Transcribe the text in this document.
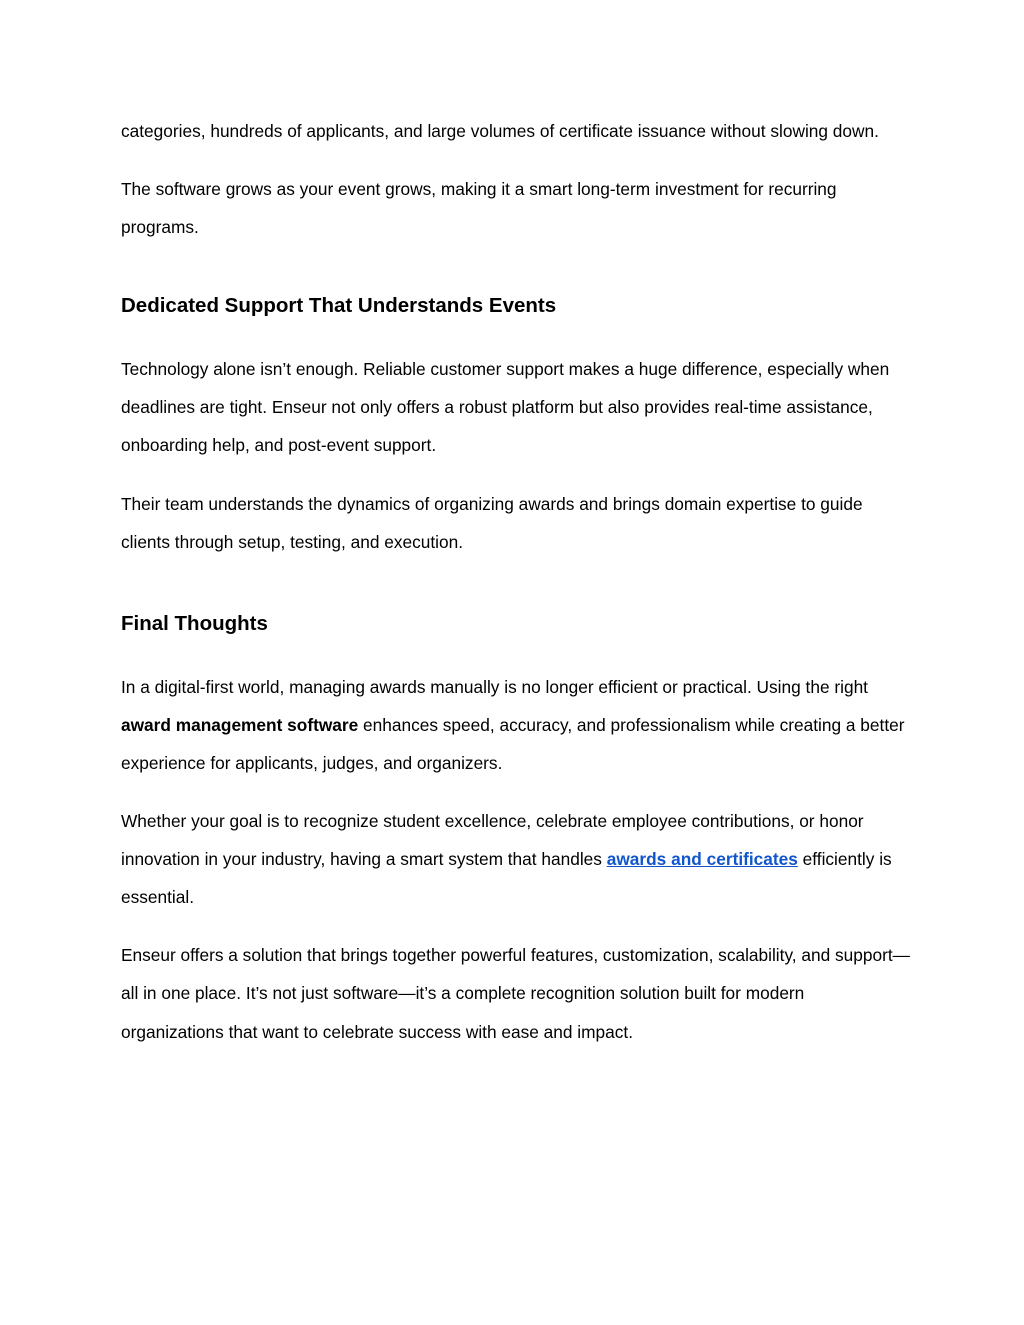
categories, hundreds of applicants, and large volumes of certificate issuance without slowing down.

The software grows as your event grows, making it a smart long-term investment for recurring programs.

Dedicated Support That Understands Events

Technology alone isn’t enough. Reliable customer support makes a huge difference, especially when deadlines are tight. Enseur not only offers a robust platform but also provides real-time assistance, onboarding help, and post-event support.

Their team understands the dynamics of organizing awards and brings domain expertise to guide clients through setup, testing, and execution.

Final Thoughts

In a digital-first world, managing awards manually is no longer efficient or practical. Using the right award management software enhances speed, accuracy, and professionalism while creating a better experience for applicants, judges, and organizers.

Whether your goal is to recognize student excellence, celebrate employee contributions, or honor innovation in your industry, having a smart system that handles awards and certificates efficiently is essential.

Enseur offers a solution that brings together powerful features, customization, scalability, and support—all in one place. It’s not just software—it’s a complete recognition solution built for modern organizations that want to celebrate success with ease and impact.
